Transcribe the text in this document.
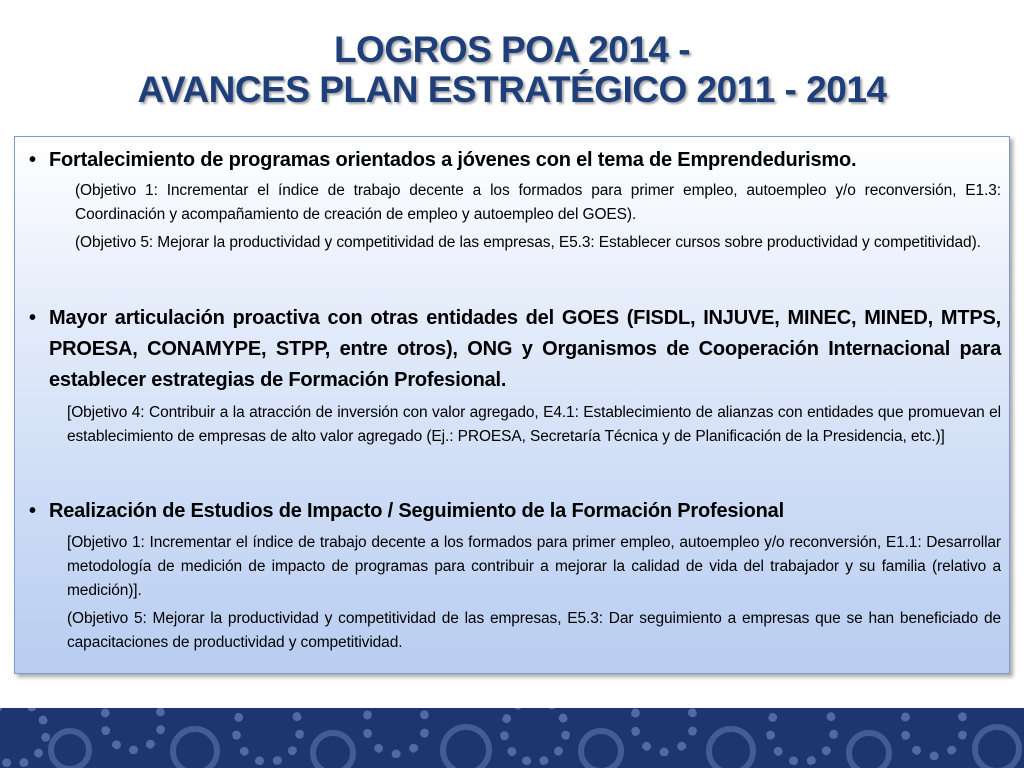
LOGROS POA 2014 -
AVANCES PLAN ESTRATÉGICO 2011 - 2014
• Fortalecimiento de programas orientados a jóvenes con el tema de Emprendedurismo.
(Objetivo 1: Incrementar el índice de trabajo decente a los formados para primer empleo, autoempleo y/o reconversión, E1.3: Coordinación y acompañamiento de creación de empleo y autoempleo del GOES).
(Objetivo 5: Mejorar la productividad y competitividad de las empresas, E5.3: Establecer cursos sobre productividad y competitividad).
• Mayor articulación proactiva con otras entidades del GOES (FISDL, INJUVE, MINEC, MINED, MTPS, PROESA, CONAMYPE, STPP, entre otros), ONG y Organismos de Cooperación Internacional para establecer estrategias de Formación Profesional.
[Objetivo 4: Contribuir a la atracción de inversión con valor agregado, E4.1: Establecimiento de alianzas con entidades que promuevan el establecimiento de empresas de alto valor agregado (Ej.: PROESA, Secretaría Técnica y de Planificación de la Presidencia, etc.)]
• Realización de Estudios de Impacto / Seguimiento de la Formación Profesional
[Objetivo 1: Incrementar el índice de trabajo decente a los formados para primer empleo, autoempleo y/o reconversión, E1.1: Desarrollar metodología de medición de impacto de programas para contribuir a mejorar la calidad de vida del trabajador y su familia (relativo a medición)].
(Objetivo 5: Mejorar la productividad y competitividad de las empresas, E5.3: Dar seguimiento a empresas que se han beneficiado de capacitaciones de productividad y competitividad.
